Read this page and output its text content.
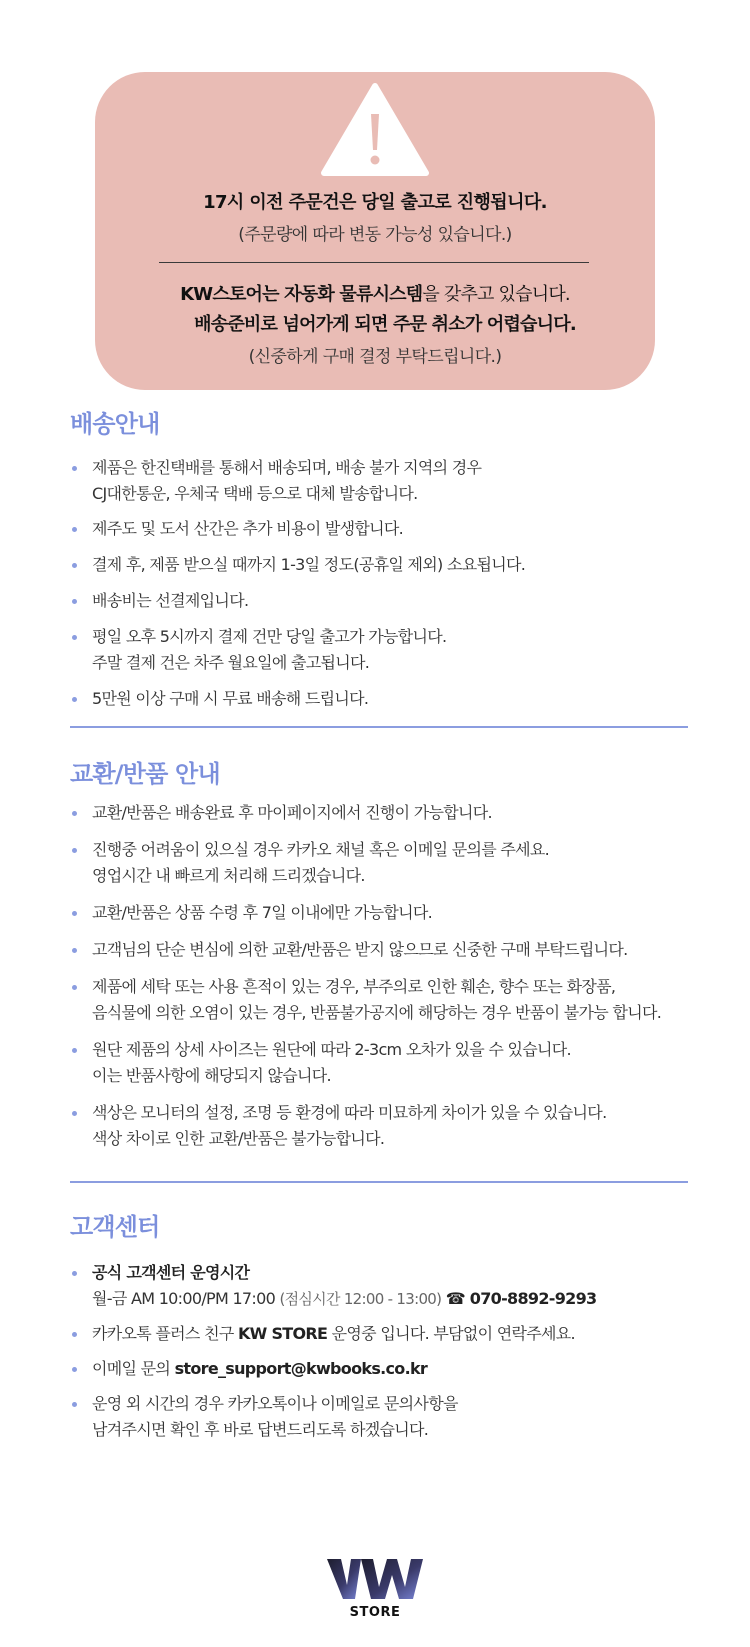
17시 이전 주문건은 당일 출고로 진행됩니다.
(주문량에 따라 변동 가능성 있습니다.)
KW스토어는 자동화 물류시스템을 갖추고 있습니다.
배송준비로 넘어가게 되면 주문 취소가 어렵습니다.
(신중하게 구매 결정 부탁드립니다.)
배송안내
제품은 한진택배를 통해서 배송되며, 배송 불가 지역의 경우
CJ대한통운, 우체국 택배 등으로 대체 발송합니다.
제주도 및 도서 산간은 추가 비용이 발생합니다.
결제 후, 제품 받으실 때까지 1-3일 정도(공휴일 제외) 소요됩니다.
배송비는 선결제입니다.
평일 오후 5시까지 결제 건만 당일 출고가 가능합니다.
주말 결제 건은 차주 월요일에 출고됩니다.
5만원 이상 구매 시 무료 배송해 드립니다.
교환/반품 안내
교환/반품은 배송완료 후 마이페이지에서 진행이 가능합니다.
진행중 어려움이 있으실 경우 카카오 채널 혹은 이메일 문의를 주세요.
영업시간 내 빠르게 처리해 드리겠습니다.
교환/반품은 상품 수령 후 7일 이내에만 가능합니다.
고객님의 단순 변심에 의한 교환/반품은 받지 않으므로 신중한 구매 부탁드립니다.
제품에 세탁 또는 사용 흔적이 있는 경우, 부주의로 인한 훼손, 향수 또는 화장품,
음식물에 의한 오염이 있는 경우, 반품불가공지에 해당하는 경우 반품이 불가능 합니다.
원단 제품의 상세 사이즈는 원단에 따라 2-3cm 오차가 있을 수 있습니다.
이는 반품사항에 해당되지 않습니다.
색상은 모니터의 설정, 조명 등 환경에 따라 미묘하게 차이가 있을 수 있습니다.
색상 차이로 인한 교환/반품은 불가능합니다.
고객센터
공식 고객센터 운영시간
월-금 AM 10:00/PM 17:00 (점심시간 12:00 - 13:00) ☎ 070-8892-9293
카카오톡 플러스 친구 KW STORE 운영중 입니다. 부담없이 연락주세요.
이메일 문의 store_support@kwbooks.co.kr
운영 외 시간의 경우 카카오톡이나 이메일로 문의사항을
남겨주시면 확인 후 바로 답변드리도록 하겠습니다.
STORE
